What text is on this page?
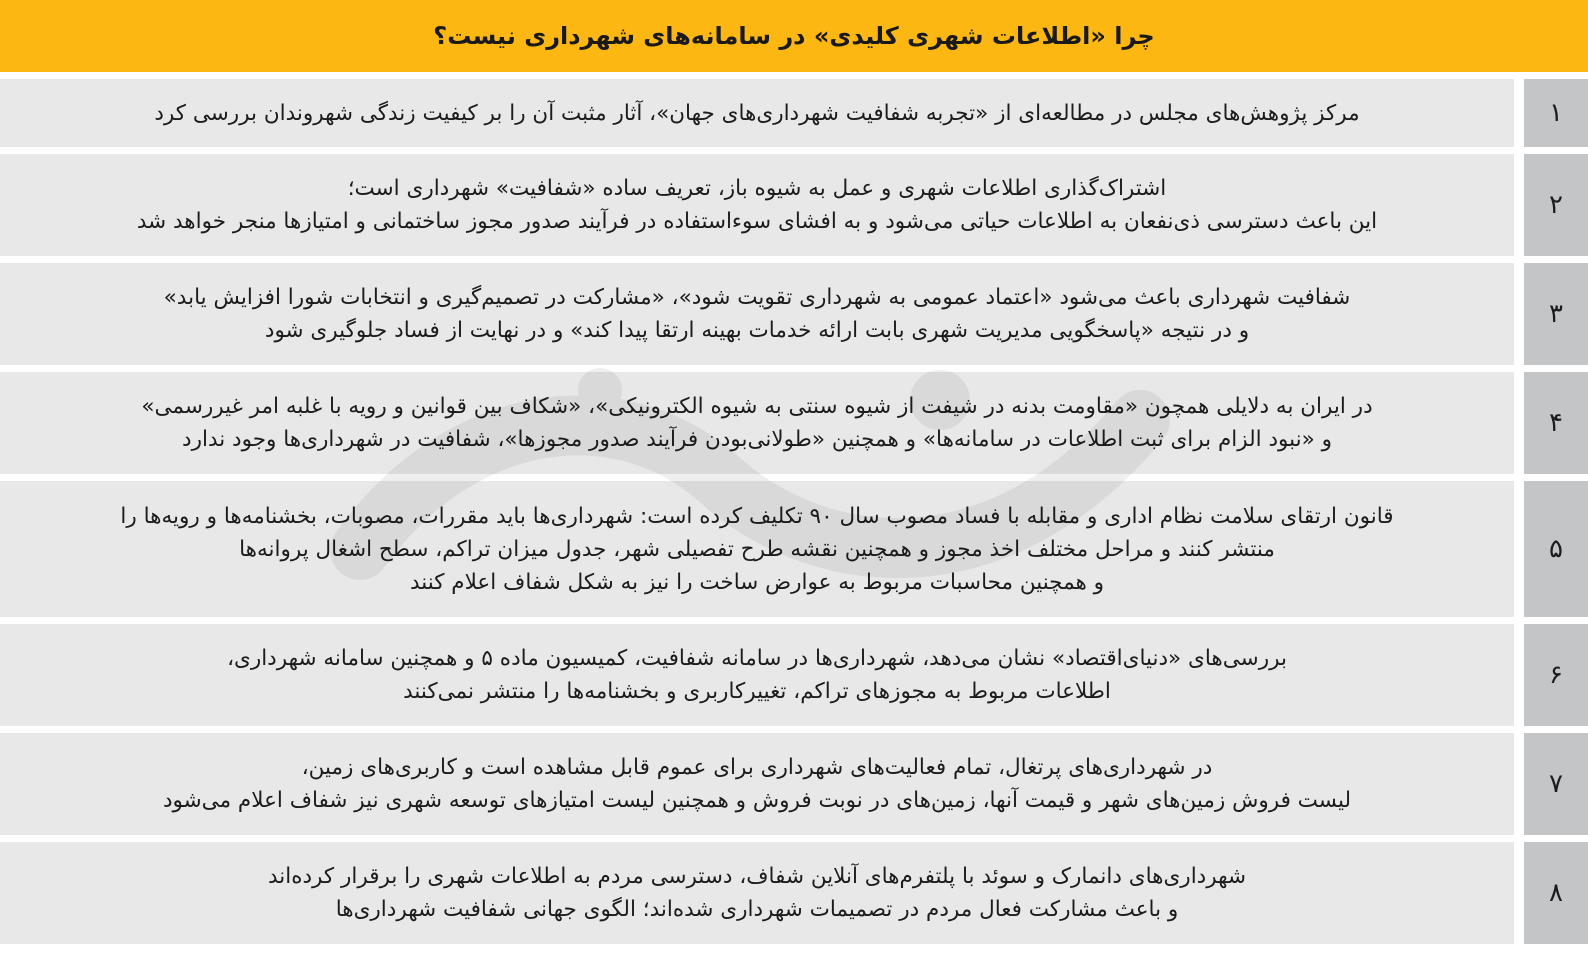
چرا «اطلاعات شهری کلیدی» در سامانه‌های شهرداری نیست؟
مرکز پژوهش‌های مجلس در مطالعه‌ای از «تجربه شفافیت شهرداری‌های جهان»، آثار مثبت آن را بر کیفیت زندگی شهروندان بررسی کرد	۱
اشتراک‌گذاری اطلاعات شهری و عمل به شیوه باز، تعریف ساده «شفافیت» شهرداری است؛
این باعث دسترسی ذی‌نفعان به اطلاعات حیاتی می‌شود و به افشای سوءاستفاده در فرآیند صدور مجوز ساختمانی و امتیازها منجر خواهد شد
۲
شفافیت شهرداری باعث می‌شود «اعتماد عمومی به شهرداری تقویت شود»، «مشارکت در تصمیم‌گیری و انتخابات شورا افزایش یابد»
و در نتیجه «پاسخگویی مدیریت شهری بابت ارائه خدمات بهینه ارتقا پیدا کند» و در نهایت از فساد جلوگیری شود
۳
در ایران به دلایلی همچون «مقاومت بدنه در شیفت از شیوه سنتی به شیوه الکترونیکی»، «شکاف بین قوانین و رویه با غلبه امر غیررسمی»
و «نبود الزام برای ثبت اطلاعات در سامانه‌ها» و همچنین «طولانی‌بودن فرآیند صدور مجوزها»، شفافیت در شهرداری‌ها وجود ندارد
۴
قانون ارتقای سلامت نظام اداری و مقابله با فساد مصوب سال ۹۰ تکلیف کرده است: شهرداری‌ها باید مقررات، مصوبات، بخشنامه‌ها و رویه‌ها را
منتشر کنند و مراحل مختلف اخذ مجوز و همچنین نقشه طرح تفصیلی شهر، جدول میزان تراکم، سطح اشغال پروانه‌ها
و همچنین محاسبات مربوط به عوارض ساخت را نیز به شکل شفاف اعلام کنند
۵
بررسی‌های «دنیای‌اقتصاد» نشان می‌دهد، شهرداری‌ها در سامانه شفافیت، کمیسیون ماده ۵ و همچنین سامانه شهرداری،
اطلاعات مربوط به مجوزهای تراکم، تغییرکاربری و بخشنامه‌ها را منتشر نمی‌کنند
۶
در شهرداری‌های پرتغال، تمام فعالیت‌های شهرداری برای عموم قابل مشاهده است و کاربری‌های زمین،
لیست فروش زمین‌های شهر و قیمت آنها، زمین‌های در نوبت فروش و همچنین لیست امتیازهای توسعه شهری نیز شفاف اعلام می‌شود
۷
شهرداری‌های دانمارک و سوئد با پلتفرم‌های آنلاین شفاف، دسترسی مردم به اطلاعات شهری را برقرار کرده‌اند
و باعث مشارکت فعال مردم در تصمیمات شهرداری شده‌اند؛ الگوی جهانی شفافیت شهرداری‌ها
۸
